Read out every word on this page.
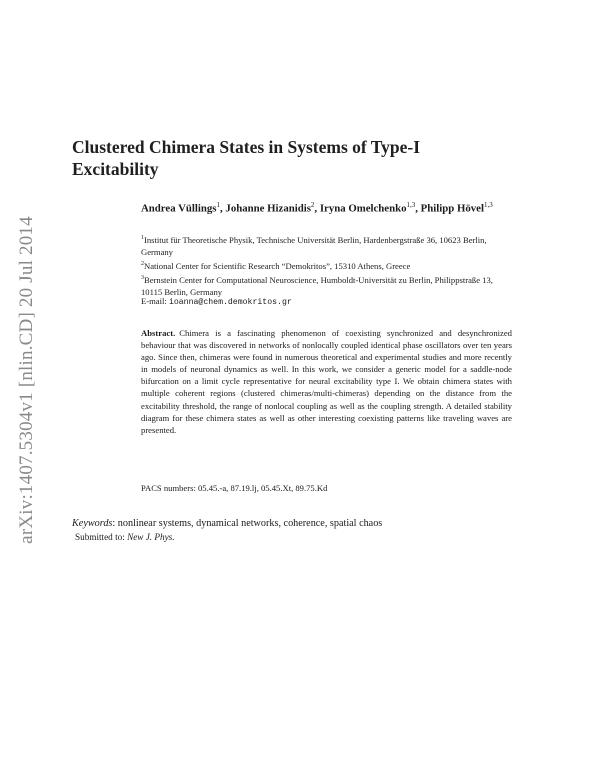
arXiv:1407.5304v1 [nlin.CD] 20 Jul 2014
Clustered Chimera States in Systems of Type-I Excitability
Andrea Vüllings$^1$, Johanne Hizanidis$^2$, Iryna Omelchenko$^{1,3}$, Philipp Hövel$^{1,3}$

$^1$Institut für Theoretische Physik, Technische Universität Berlin, Hardenbergstraße 36, 10623 Berlin, Germany

$^2$National Center for Scientific Research “Demokritos”, 15310 Athens, Greece

$^3$Bernstein Center for Computational Neuroscience, Humboldt-Universität zu Berlin, Philippstraße 13, 10115 Berlin, Germany

E-mail: ioanna@chem.demokritos.gr
Abstract. Chimera is a fascinating phenomenon of coexisting synchronized and desynchronized behaviour that was discovered in networks of nonlocally coupled identical phase oscillators over ten years ago. Since then, chimeras were found in numerous theoretical and experimental studies and more recently in models of neuronal dynamics as well. In this work, we consider a generic model for a saddle-node bifurcation on a limit cycle representative for neural excitability type I. We obtain chimera states with multiple coherent regions (clustered chimeras/multi-chimeras) depending on the distance from the excitability threshold, the range of nonlocal coupling as well as the coupling strength. A detailed stability diagram for these chimera states as well as other interesting coexisting patterns like traveling waves are presented.
PACS numbers: 05.45.-a, 87.19.lj, 05.45.Xt, 89.75.Kd
Keywords: nonlinear systems, dynamical networks, coherence, spatial chaos
Submitted to: New J. Phys.
